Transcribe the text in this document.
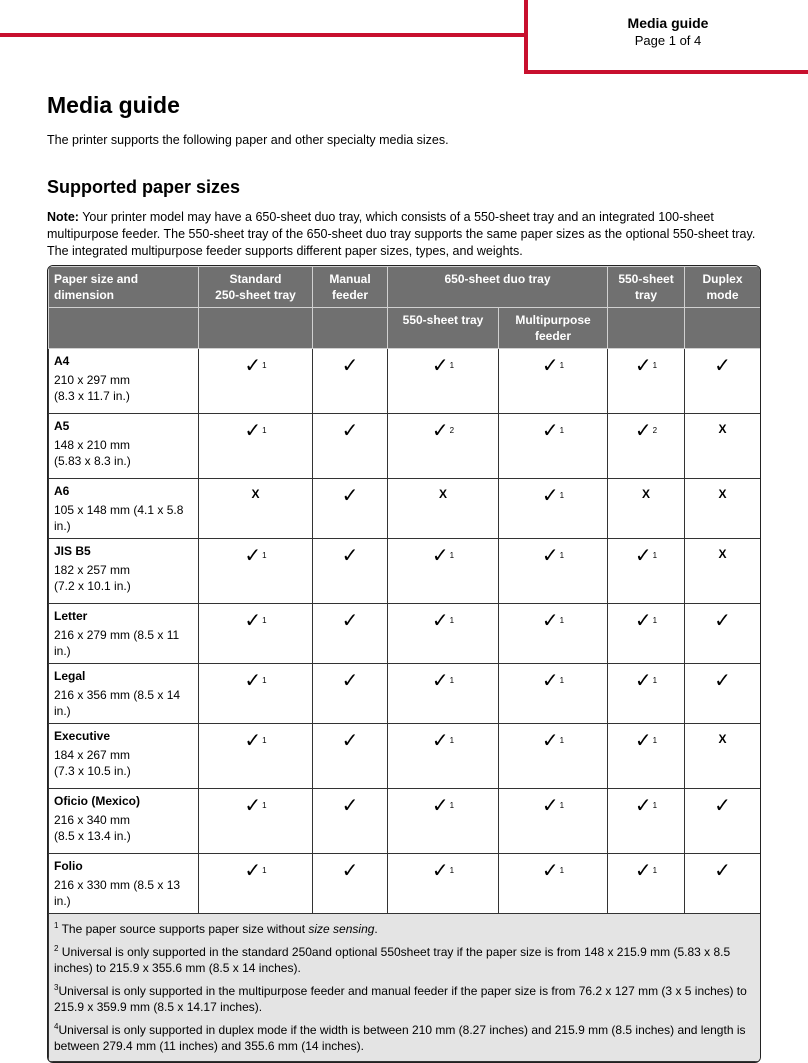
Media guide
Page 1 of 4
Media guide
The printer supports the following paper and other specialty media sizes.
Supported paper sizes
Note: Your printer model may have a 650‑sheet duo tray, which consists of a 550‑sheet tray and an integrated 100‑sheet multipurpose feeder. The 550‑sheet tray of the 650‑sheet duo tray supports the same paper sizes as the optional 550‑sheet tray. The integrated multipurpose feeder supports different paper sizes, types, and weights.
Paper size and dimension	Standard 250‑sheet tray	Manual feeder	650‑sheet duo tray		550‑sheet tray	Duplex mode
			550‑sheet tray	Multipurpose feeder		

A4
210 x 297 mm
(8.3 x 11.7 in.)	✓$^1$	✓	✓$^1$	✓$^1$	✓$^1$	✓

A5
148 x 210 mm
(5.83 x 8.3 in.)	✓$^1$	✓	✓$^2$	✓$^1$	✓$^2$	X

A6
105 x 148 mm (4.1 x 5.8 in.)	X	✓	X	✓$^1$	X	X

JIS B5
182 x 257 mm
(7.2 x 10.1 in.)	✓$^1$	✓	✓$^1$	✓$^1$	✓$^1$	X

Letter
216 x 279 mm (8.5 x 11 in.)	✓$^1$	✓	✓$^1$	✓$^1$	✓$^1$	✓

Legal
216 x 356 mm (8.5 x 14 in.)	✓$^1$	✓	✓$^1$	✓$^1$	✓$^1$	✓

Executive
184 x 267 mm
(7.3 x 10.5 in.)	✓$^1$	✓	✓$^1$	✓$^1$	✓$^1$	X

Oficio (Mexico)
216 x 340 mm
(8.5 x 13.4 in.)	✓$^1$	✓	✓$^1$	✓$^1$	✓$^1$	✓

Folio
216 x 330 mm (8.5 x 13 in.)	✓$^1$	✓	✓$^1$	✓$^1$	✓$^1$	✓

$^1$ The paper source supports paper size without size sensing.

$^2$ Universal is only supported in the standard 250and optional 550sheet tray if the paper size is from 148 x 215.9 mm (5.83 x 8.5 inches) to 215.9 x 355.6 mm (8.5 x 14 inches).

$^3$Universal is only supported in the multipurpose feeder and manual feeder if the paper size is from 76.2 x 127 mm (3 x 5 inches) to 215.9 x 359.9 mm (8.5 x 14.17 inches).

$^4$Universal is only supported in duplex mode if the width is between 210 mm (8.27 inches) and 215.9 mm (8.5 inches) and length is between 279.4 mm (11 inches) and 355.6 mm (14 inches).						
